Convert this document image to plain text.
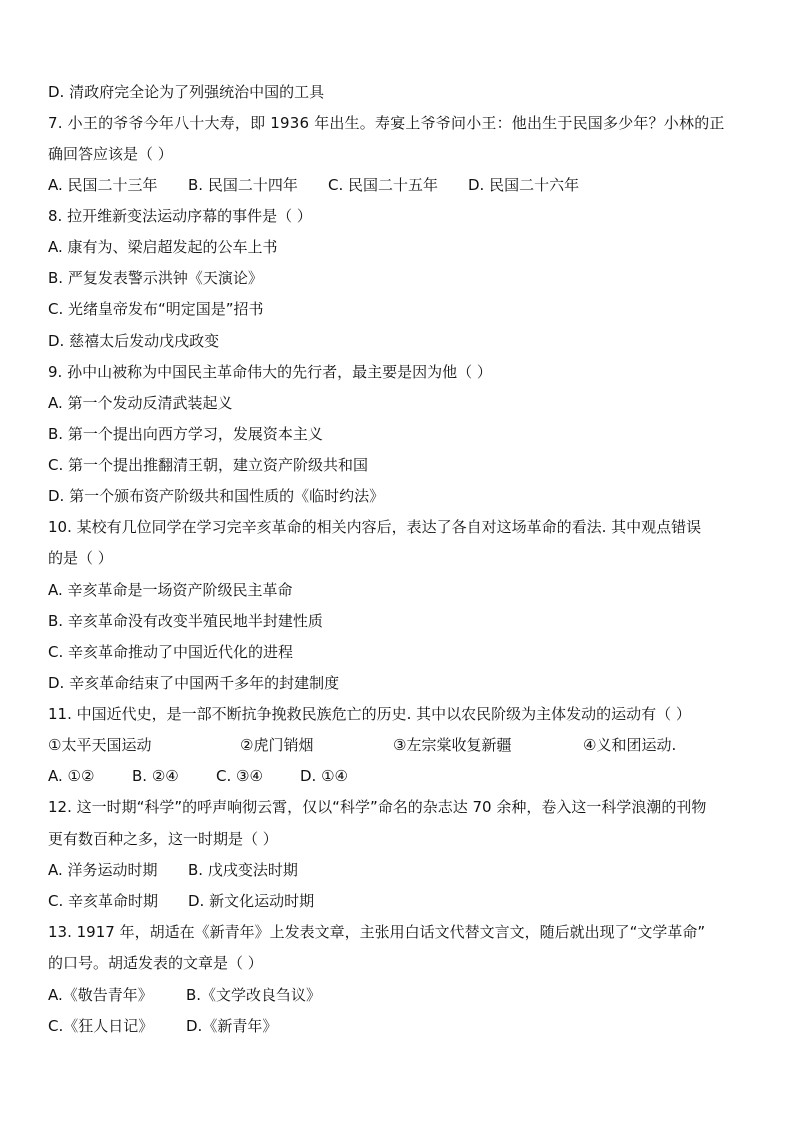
D. 清政府完全论为了列强统治中国的工具
7. 小王的爷爷今年八十大寿，即 1936 年出生。寿宴上爷爷问小王：他出生于民国多少年？小林的正
确回答应该是（ ）
A. 民国二十三年 B. 民国二十四年 C. 民国二十五年 D. 民国二十六年
8. 拉开维新变法运动序幕的事件是（ ）
A. 康有为、梁启超发起的公车上书
B. 严复发表警示洪钟《天演论》
C. 光绪皇帝发布“明定国是”招书
D. 慈禧太后发动戊戌政变
9. 孙中山被称为中国民主革命伟大的先行者，最主要是因为他（ ）
A. 第一个发动反清武装起义
B. 第一个提出向西方学习，发展资本主义
C. 第一个提出推翻清王朝，建立资产阶级共和国
D. 第一个颁布资产阶级共和国性质的《临时约法》
10. 某校有几位同学在学习完辛亥革命的相关内容后，表达了各自对这场革命的看法. 其中观点错误
的是（ ）
A. 辛亥革命是一场资产阶级民主革命
B. 辛亥革命没有改变半殖民地半封建性质
C. 辛亥革命推动了中国近代化的进程
D. 辛亥革命结束了中国两千多年的封建制度
11. 中国近代史，是一部不断抗争挽救民族危亡的历史. 其中以农民阶级为主体发动的运动有（ ）
①太平天国运动	②虎门销烟	③左宗棠收复新疆	④义和团运动.
A. ①②	B. ②④ C. ③④ D. ①④
12. 这一时期“科学”的呼声响彻云霄，仅以“科学”命名的杂志达 70 余种，卷入这一科学浪潮的刊物
更有数百种之多，这一时期是（ ）
A. 洋务运动时期 B. 戊戌变法时期
C. 辛亥革命时期 D. 新文化运动时期
13. 1917 年，胡适在《新青年》上发表文章，主张用白话文代替文言文，随后就出现了“文学革命”
的口号。胡适发表的文章是（ ）
A.《敬告青年》 B.《文学改良刍议》
C.《狂人日记》 D.《新青年》
